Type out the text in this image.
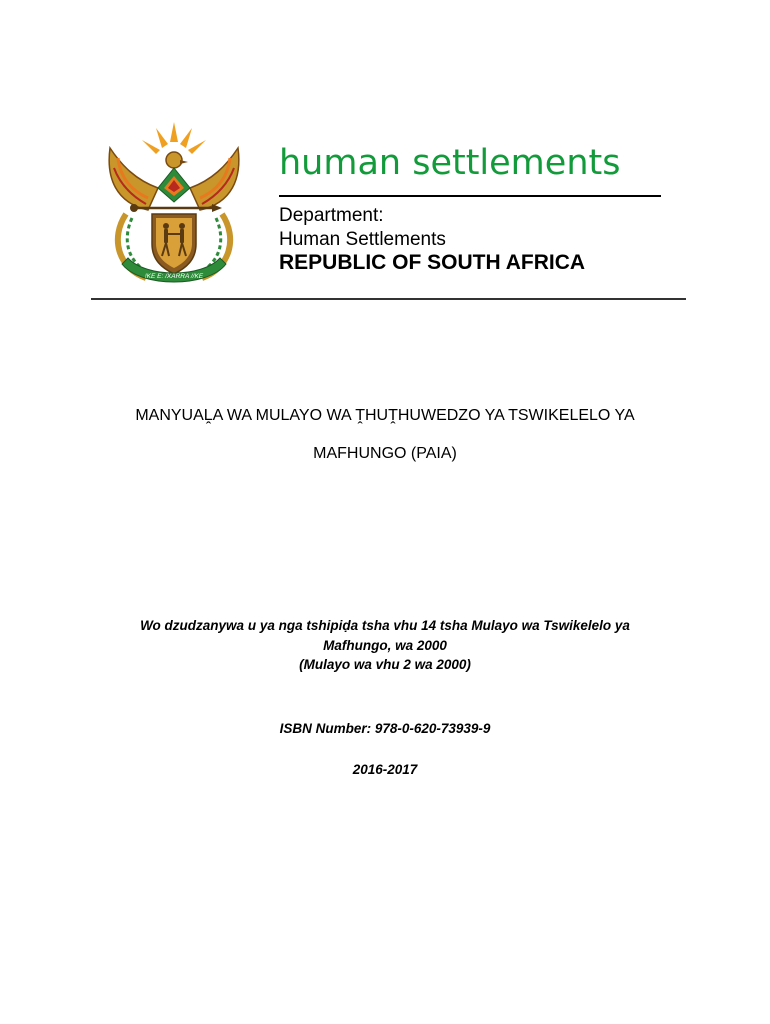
!KE E: /XARRA //KE
human settlements
Department:
Human Settlements
REPUBLIC OF SOUTH AFRICA
MANYUAḼA WA MULAYO WA ṰHUṰHUWEDZO YA TSWIKELELO YA
MAFHUNGO (PAIA)
Wo dzudzanywa u ya nga tshipiḍa tsha vhu 14 tsha Mulayo wa Tswikelelo ya
Mafhungo, wa 2000
(Mulayo wa vhu 2 wa 2000)
ISBN Number: 978-0-620-73939-9
2016-2017
